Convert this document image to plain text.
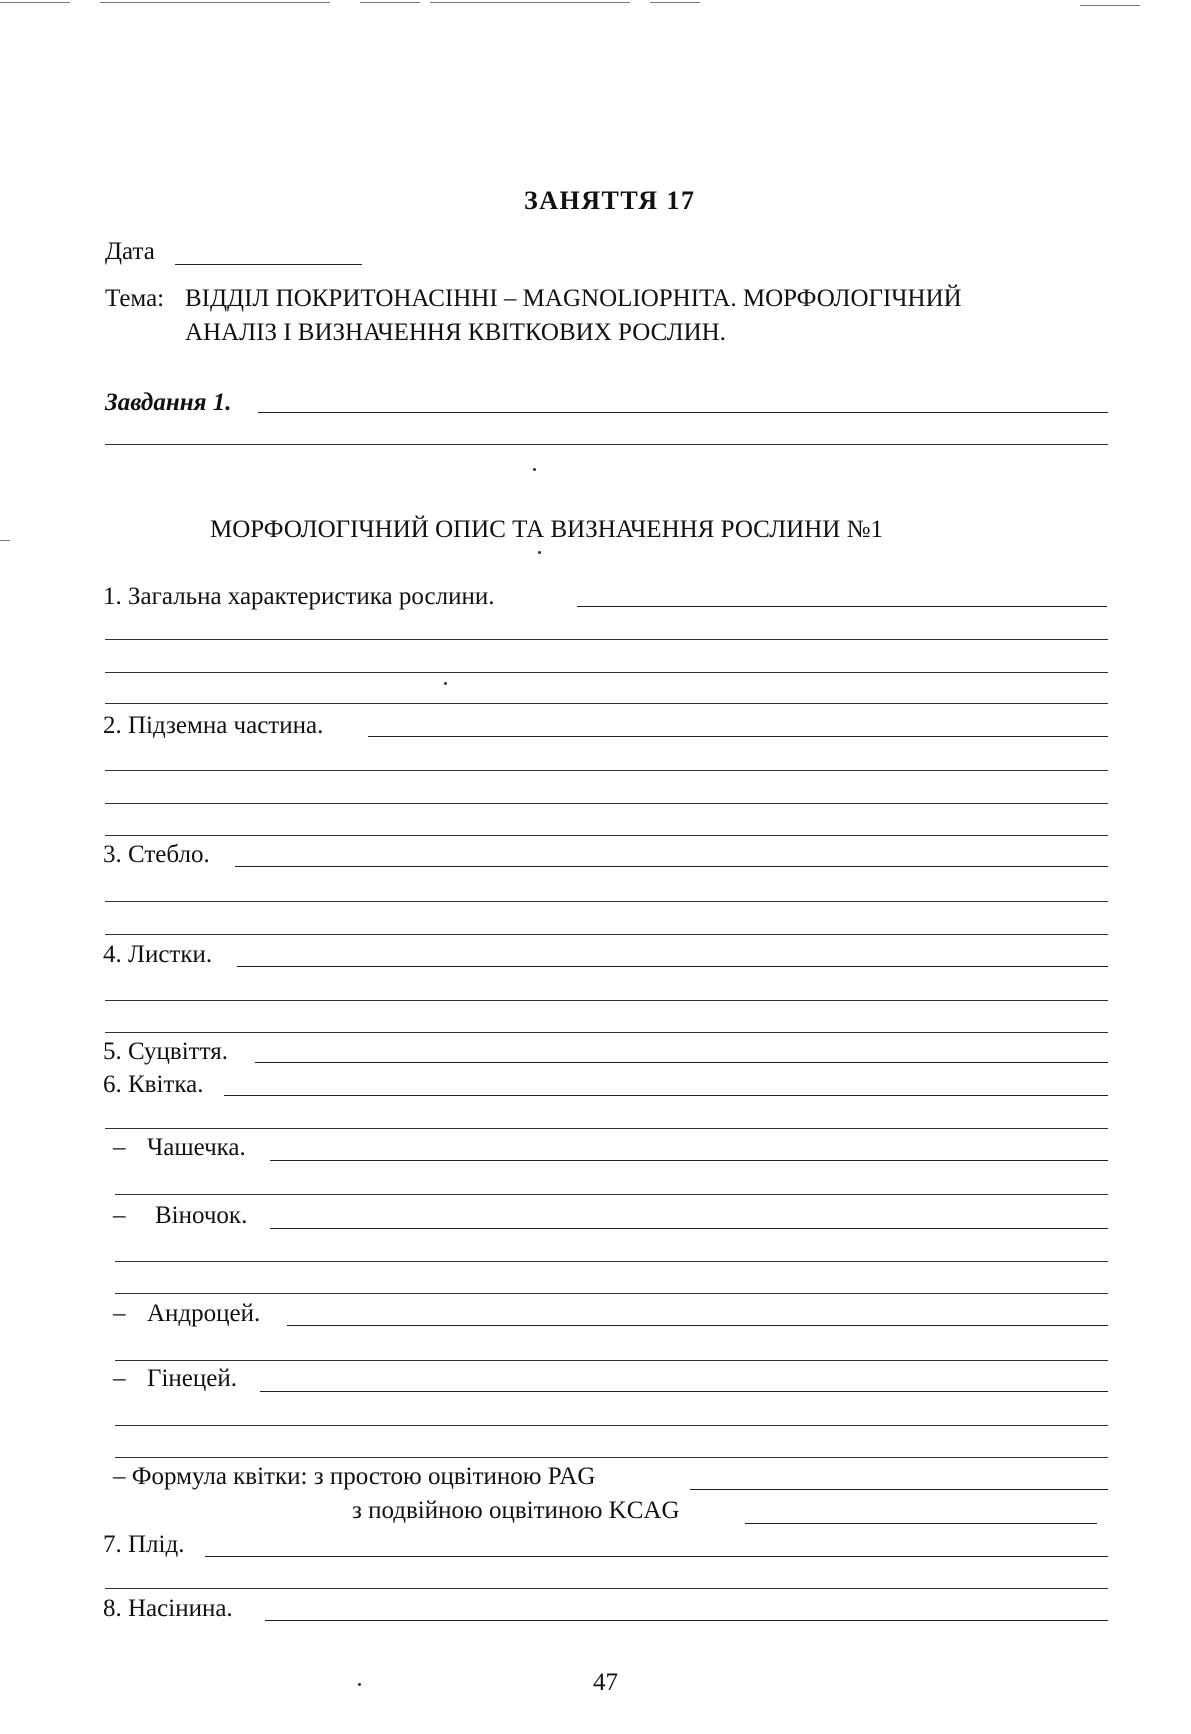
ЗАНЯТТЯ 17
Дата
Тема: ВІДДІЛ ПОКРИТОНАСІННІ – MAGNOLIOPHITA. МОРФОЛОГІЧНИЙ
АНАЛІЗ І ВИЗНАЧЕННЯ КВІТКОВИХ РОСЛИН.
Завдання 1.
МОРФОЛОГІЧНИЙ ОПИС ТА ВИЗНАЧЕННЯ РОСЛИНИ №1
1. Загальна характеристика рослини.
2. Підземна частина.
3. Стебло.
4. Листки.
5. Суцвіття.
6. Квітка.
– Чашечка.
– Віночок.
– Андроцей.
– Гінецей.
– Формула квітки: з простою оцвітиною PAG
з подвійною оцвітиною KCAG
7. Плід.
8. Насінина.
47
